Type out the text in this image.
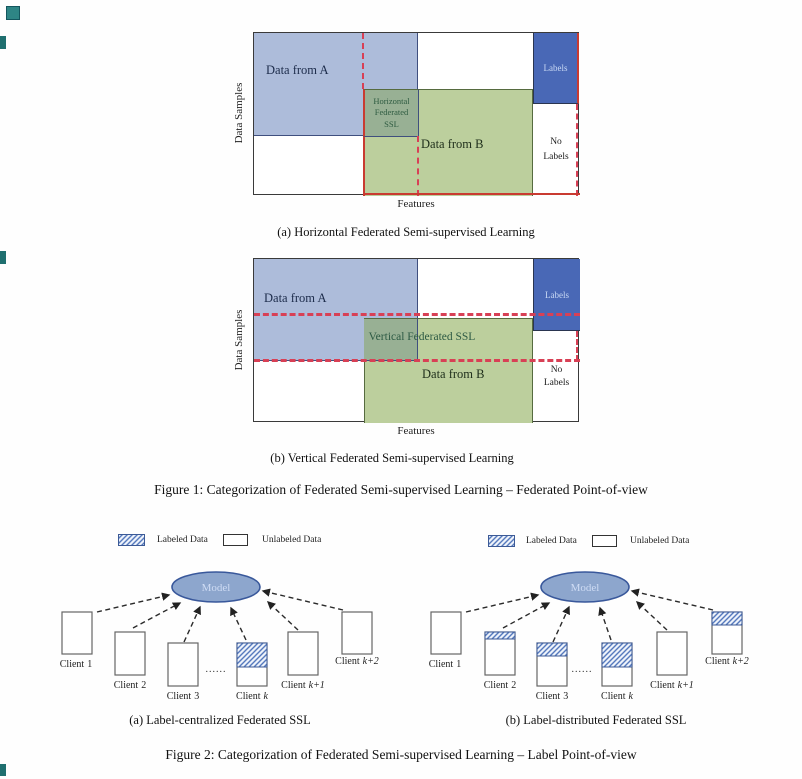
Data Samples	Horizontal
Federated
SSL
Labels
No
Labels
Data from A
Data from B
Features
(a) Horizontal Federated Semi-supervised Learning
Data Samples
Labels
Data from A
Vertical Federated SSL
Data from B	No
Labels
Features
(b) Vertical Federated Semi-supervised Learning
Figure 1: Categorization of Federated Semi-supervised Learning – Federated Point-of-view
Labeled Data	Unlabeled Data	Labeled Data	Unlabeled Data
Model
......
Client 1
Client 2
Client 3	Client k
Client k+1
Client k+2
Model
......
Client 1
Client 2
Client 3	Client k
Client k+1
Client k+2
(a) Label-centralized Federated SSL	(b) Label-distributed Federated SSL
Figure 2: Categorization of Federated Semi-supervised Learning – Label Point-of-view
